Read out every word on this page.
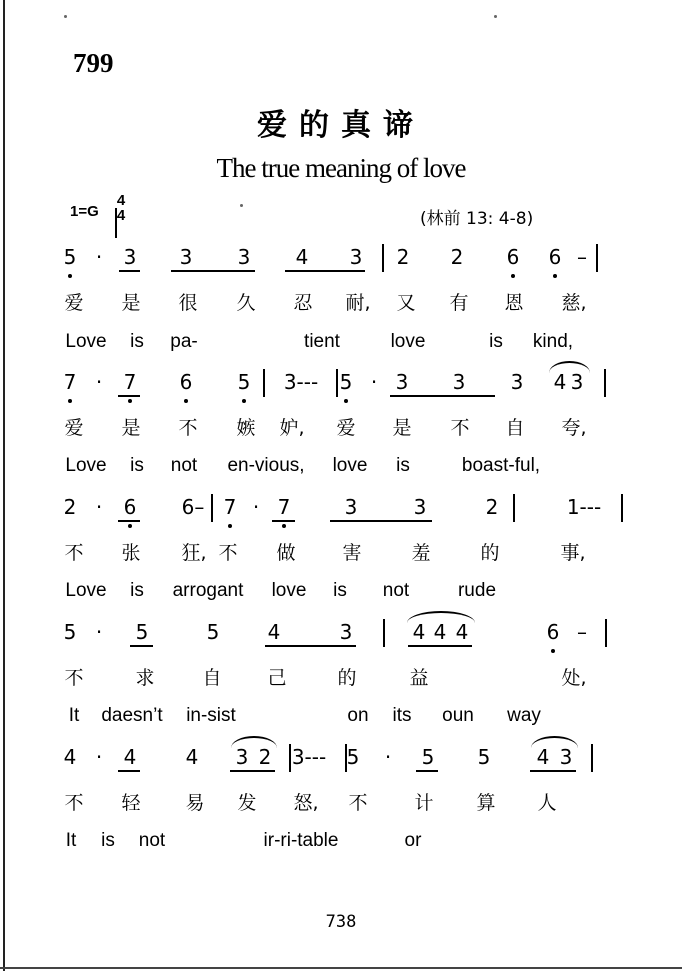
799
爱的真谛
The true meaning of love
1=G
4
4	(林前 13: 4-8)
5 · 3 3 3 4 3 2 2 6 6 –
爱 是 很 久 忍 耐, 又 有 恩 慈,
Love is pa-	tient	love	is kind,
7 · 7 6 5 3--- 5 · 3 3 3 4 3
爱 是 不 嫉 妒, 爱 是 不 自 夸,
Love is not en-vious, love is	boast-ful,
2 · 6 6– 7 · 7	3	3	2	1---
不 张 狂, 不 做 害	羞	的	事,
Love is arrogant love is not	rude
5 · 5	5 4	3	4 4 4	6 –
不	求	自 己	的	益	处,
It daesn’t in-sist	on its oun way
4 · 4 4 3 2 3--- 5 · 5 5 4 3
不 轻 易 发 怒, 不 计 算 人
It is not	ir-ri-table	or
738
